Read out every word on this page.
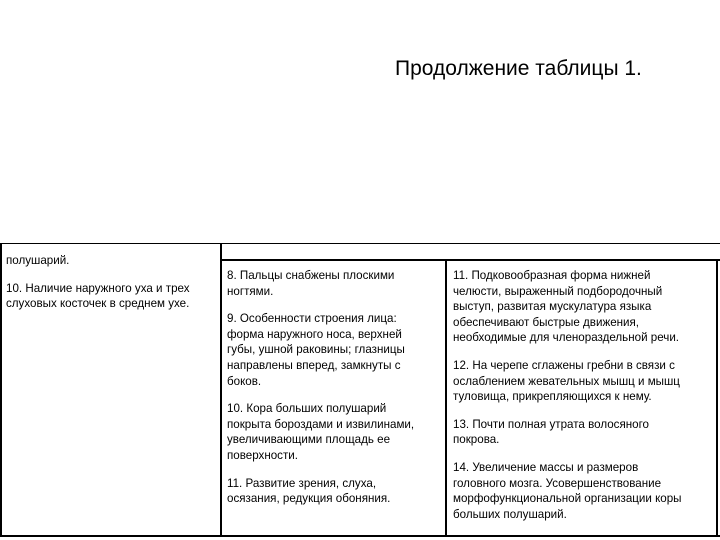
Продолжение таблицы 1.
полушарий.
10. Наличие наружного уха и трех
слуховых косточек в среднем ухе.
8. Пальцы снабжены плоскими
ногтями.
9. Особенности строения лица:
форма наружного носа, верхней
губы, ушной раковины; глазницы
направлены вперед, замкнуты с
боков.
10. Кора больших полушарий
покрыта бороздами и извилинами,
увеличивающими площадь ее
поверхности.
11. Развитие зрения, слуха,
осязания, редукция обоняния.
11. Подковообразная форма нижней
челюсти, выраженный подбородочный
выступ, развитая мускулатура языка
обеспечивают быстрые движения,
необходимые для членораздельной речи.
12. На черепе сглажены гребни в связи с
ослаблением жевательных мышц и мышц
туловища, прикрепляющихся к нему.
13. Почти полная утрата волосяного
покрова.
14. Увеличение массы и размеров
головного мозга. Усовершенствование
морфофункциональной организации коры
больших полушарий.
